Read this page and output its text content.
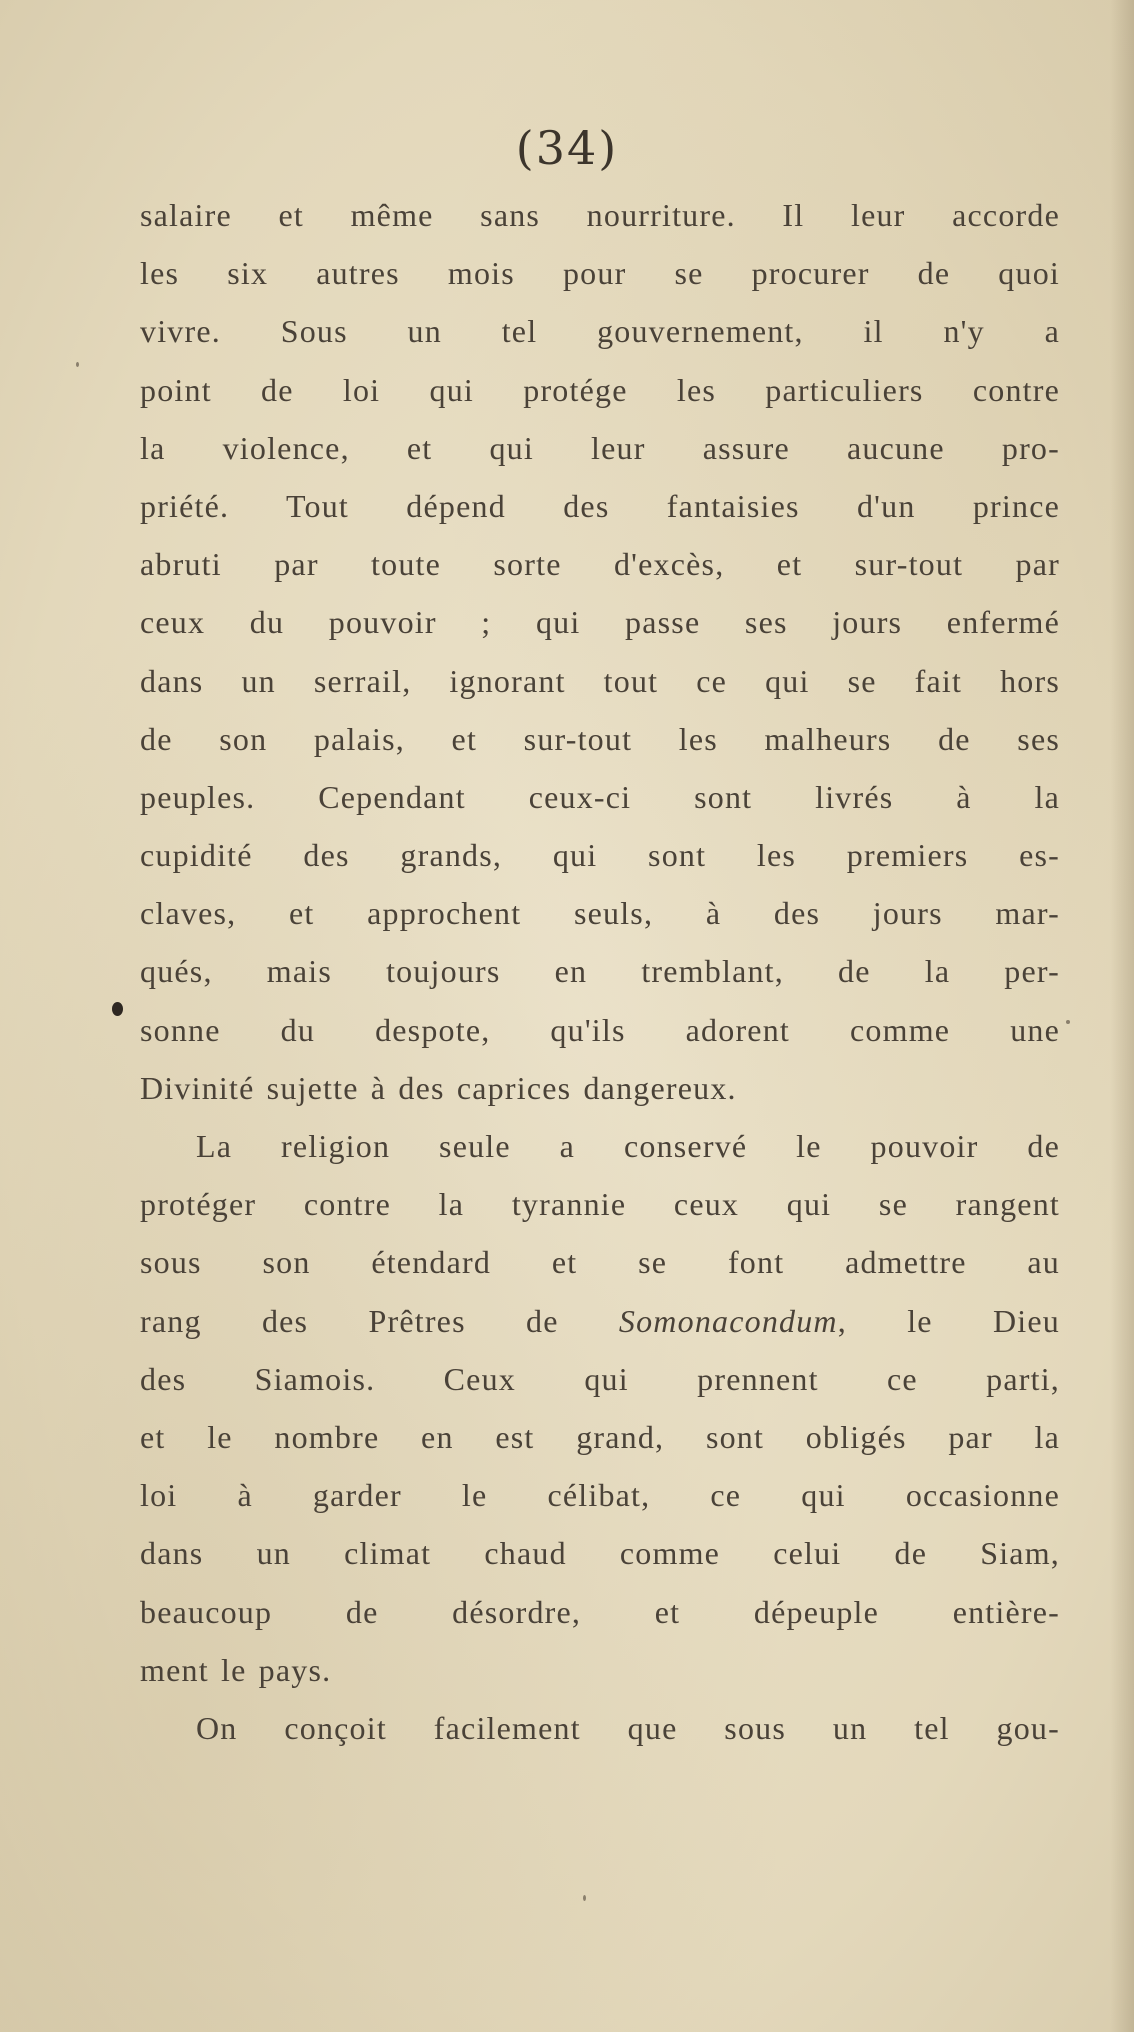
(34)
salaire et même sans nourriture. Il leur accorde
les six autres mois pour se procurer de quoi
vivre. Sous un tel gouvernement, il n'y a
point de loi qui protége les particuliers contre
la violence, et qui leur assure aucune pro-
priété. Tout dépend des fantaisies d'un prince
abruti par toute sorte d'excès, et sur-tout par
ceux du pouvoir ; qui passe ses jours enfermé
dans un serrail, ignorant tout ce qui se fait hors
de son palais, et sur-tout les malheurs de ses
peuples. Cependant ceux-ci sont livrés à la
cupidité des grands, qui sont les premiers es-
claves, et approchent seuls, à des jours mar-
qués, mais toujours en tremblant, de la per-
sonne du despote, qu'ils adorent comme une
Divinité sujette à des caprices dangereux.
La religion seule a conservé le pouvoir de
protéger contre la tyrannie ceux qui se rangent
sous son étendard et se font admettre au
rang des Prêtres de Somonacondum, le Dieu
des Siamois. Ceux qui prennent ce parti,
et le nombre en est grand, sont obligés par la
loi à garder le célibat, ce qui occasionne
dans un climat chaud comme celui de Siam,
beaucoup de désordre, et dépeuple entière-
ment le pays.
On conçoit facilement que sous un tel gou-
